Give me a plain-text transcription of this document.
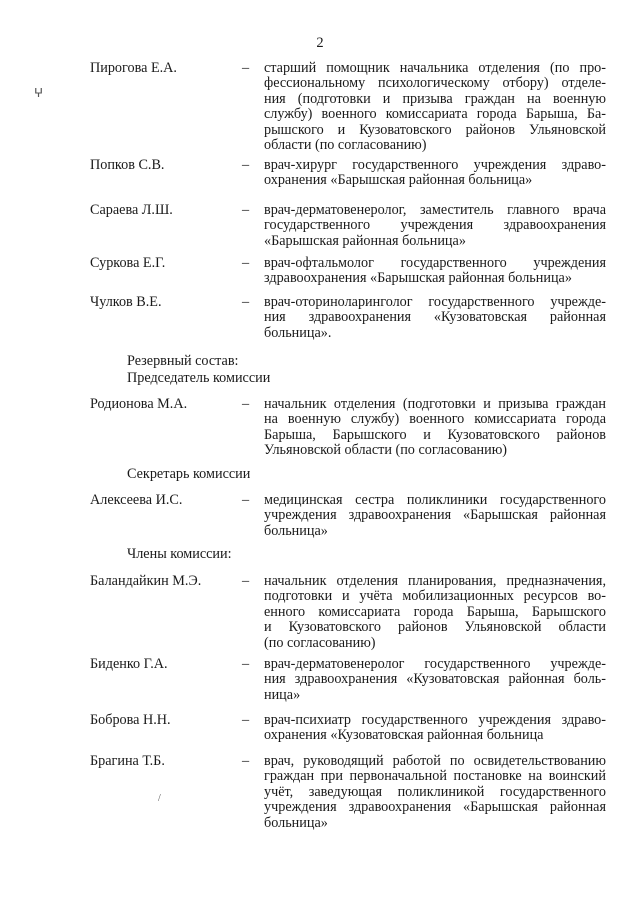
2
Пирогова Е.А.	– старший помощник начальника отделения (по про-
фессиональному психологическому отбору) отделе-
ния (подготовки и призыва граждан на военную
службу) военного комиссариата города Барыша, Ба-
рышского и Кузоватовского районов Ульяновской
области (по согласованию)
Попков С.В.	– врач-хирург государственного учреждения здраво-
охранения «Барышская районная больница»
Сараева Л.Ш.	– врач-дерматовенеролог, заместитель главного врача
государственного учреждения здравоохранения
«Барышская районная больница»
Суркова Е.Г.	– врач-офтальмолог государственного учреждения
здравоохранения «Барышская районная больница»
Чулков В.Е.	– врач-оториноларинголог государственного учрежде-
ния здравоохранения «Кузоватовская районная
больница».
Резервный состав:
Председатель комиссии
Родионова М.А.	– начальник отделения (подготовки и призыва граждан
на военную службу) военного комиссариата города
Барыша, Барышского и Кузоватовского районов
Ульяновской области (по согласованию)
Секретарь комиссии
Алексеева И.С.	– медицинская сестра поликлиники государственного
учреждения здравоохранения «Барышская районная
больница»
Члены комиссии:
Баландайкин М.Э.	– начальник отделения планирования, предназначения,
подготовки и учёта мобилизационных ресурсов во-
енного комиссариата города Барыша, Барышского
и Кузоватовского районов Ульяновской области
(по согласованию)
Биденко Г.А.	– врач-дерматовенеролог государственного учрежде-
ния здравоохранения «Кузоватовская районная боль-
ница»
Боброва Н.Н.	– врач-психиатр государственного учреждения здраво-
охранения «Кузоватовская районная больница
Брагина Т.Б.	– врач, руководящий работой по освидетельствованию
граждан при первоначальной постановке на воинский
учёт, заведующая поликлиникой государственного
учреждения здравоохранения «Барышская районная
больница»
ⵖ
/
